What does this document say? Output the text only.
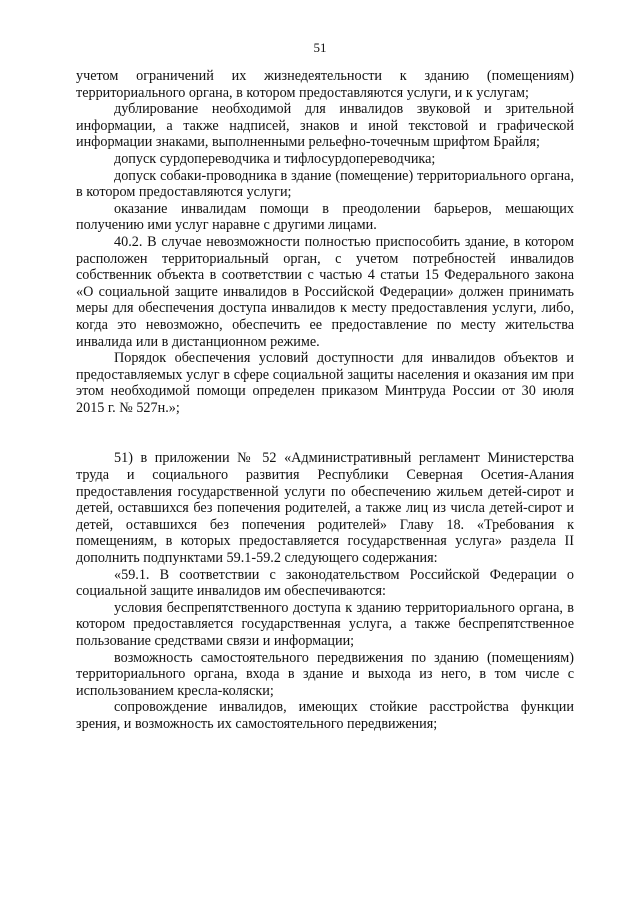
51

учетом ограничений их жизнедеятельности к зданию (помещениям) территориального органа, в котором предоставляются услуги, и к услугам;

дублирование необходимой для инвалидов звуковой и зрительной информации, а также надписей, знаков и иной текстовой и графической информации знаками, выполненными рельефно-точечным шрифтом Брайля;

допуск сурдопереводчика и тифлосурдопереводчика;

допуск собаки-проводника в здание (помещение) территориального органа, в котором предоставляются услуги;

оказание инвалидам помощи в преодолении барьеров, мешающих получению ими услуг наравне с другими лицами.

40.2. В случае невозможности полностью приспособить здание, в котором расположен территориальный орган, с учетом потребностей инвалидов собственник объекта в соответствии с частью 4 статьи 15 Федерального закона «О социальной защите инвалидов в Российской Федерации» должен принимать меры для обеспечения доступа инвалидов к месту предоставления услуги, либо, когда это невозможно, обеспечить ее предоставление по месту жительства инвалида или в дистанционном режиме.

Порядок обеспечения условий доступности для инвалидов объектов и предоставляемых услуг в сфере социальной защиты населения и оказания им при этом необходимой помощи определен приказом Минтруда России от 30 июля 2015 г. № 527н.»;

51) в приложении № 52 «Административный регламент Министерства труда и социального развития Республики Северная Осетия-Алания предоставления государственной услуги по обеспечению жильем детей-сирот и детей, оставшихся без попечения родителей, а также лиц из числа детей-сирот и детей, оставшихся без попечения родителей» Главу 18. «Требования к помещениям, в которых предоставляется государственная услуга» раздела II дополнить подпунктами 59.1-59.2 следующего содержания:

«59.1. В соответствии с законодательством Российской Федерации о социальной защите инвалидов им обеспечиваются:

условия беспрепятственного доступа к зданию территориального органа, в котором предоставляется государственная услуга, а также беспрепятственное пользование средствами связи и информации;

возможность самостоятельного передвижения по зданию (помещениям) территориального органа, входа в здание и выхода из него, в том числе с использованием кресла-коляски;

сопровождение инвалидов, имеющих стойкие расстройства функции зрения, и возможность их самостоятельного передвижения;
